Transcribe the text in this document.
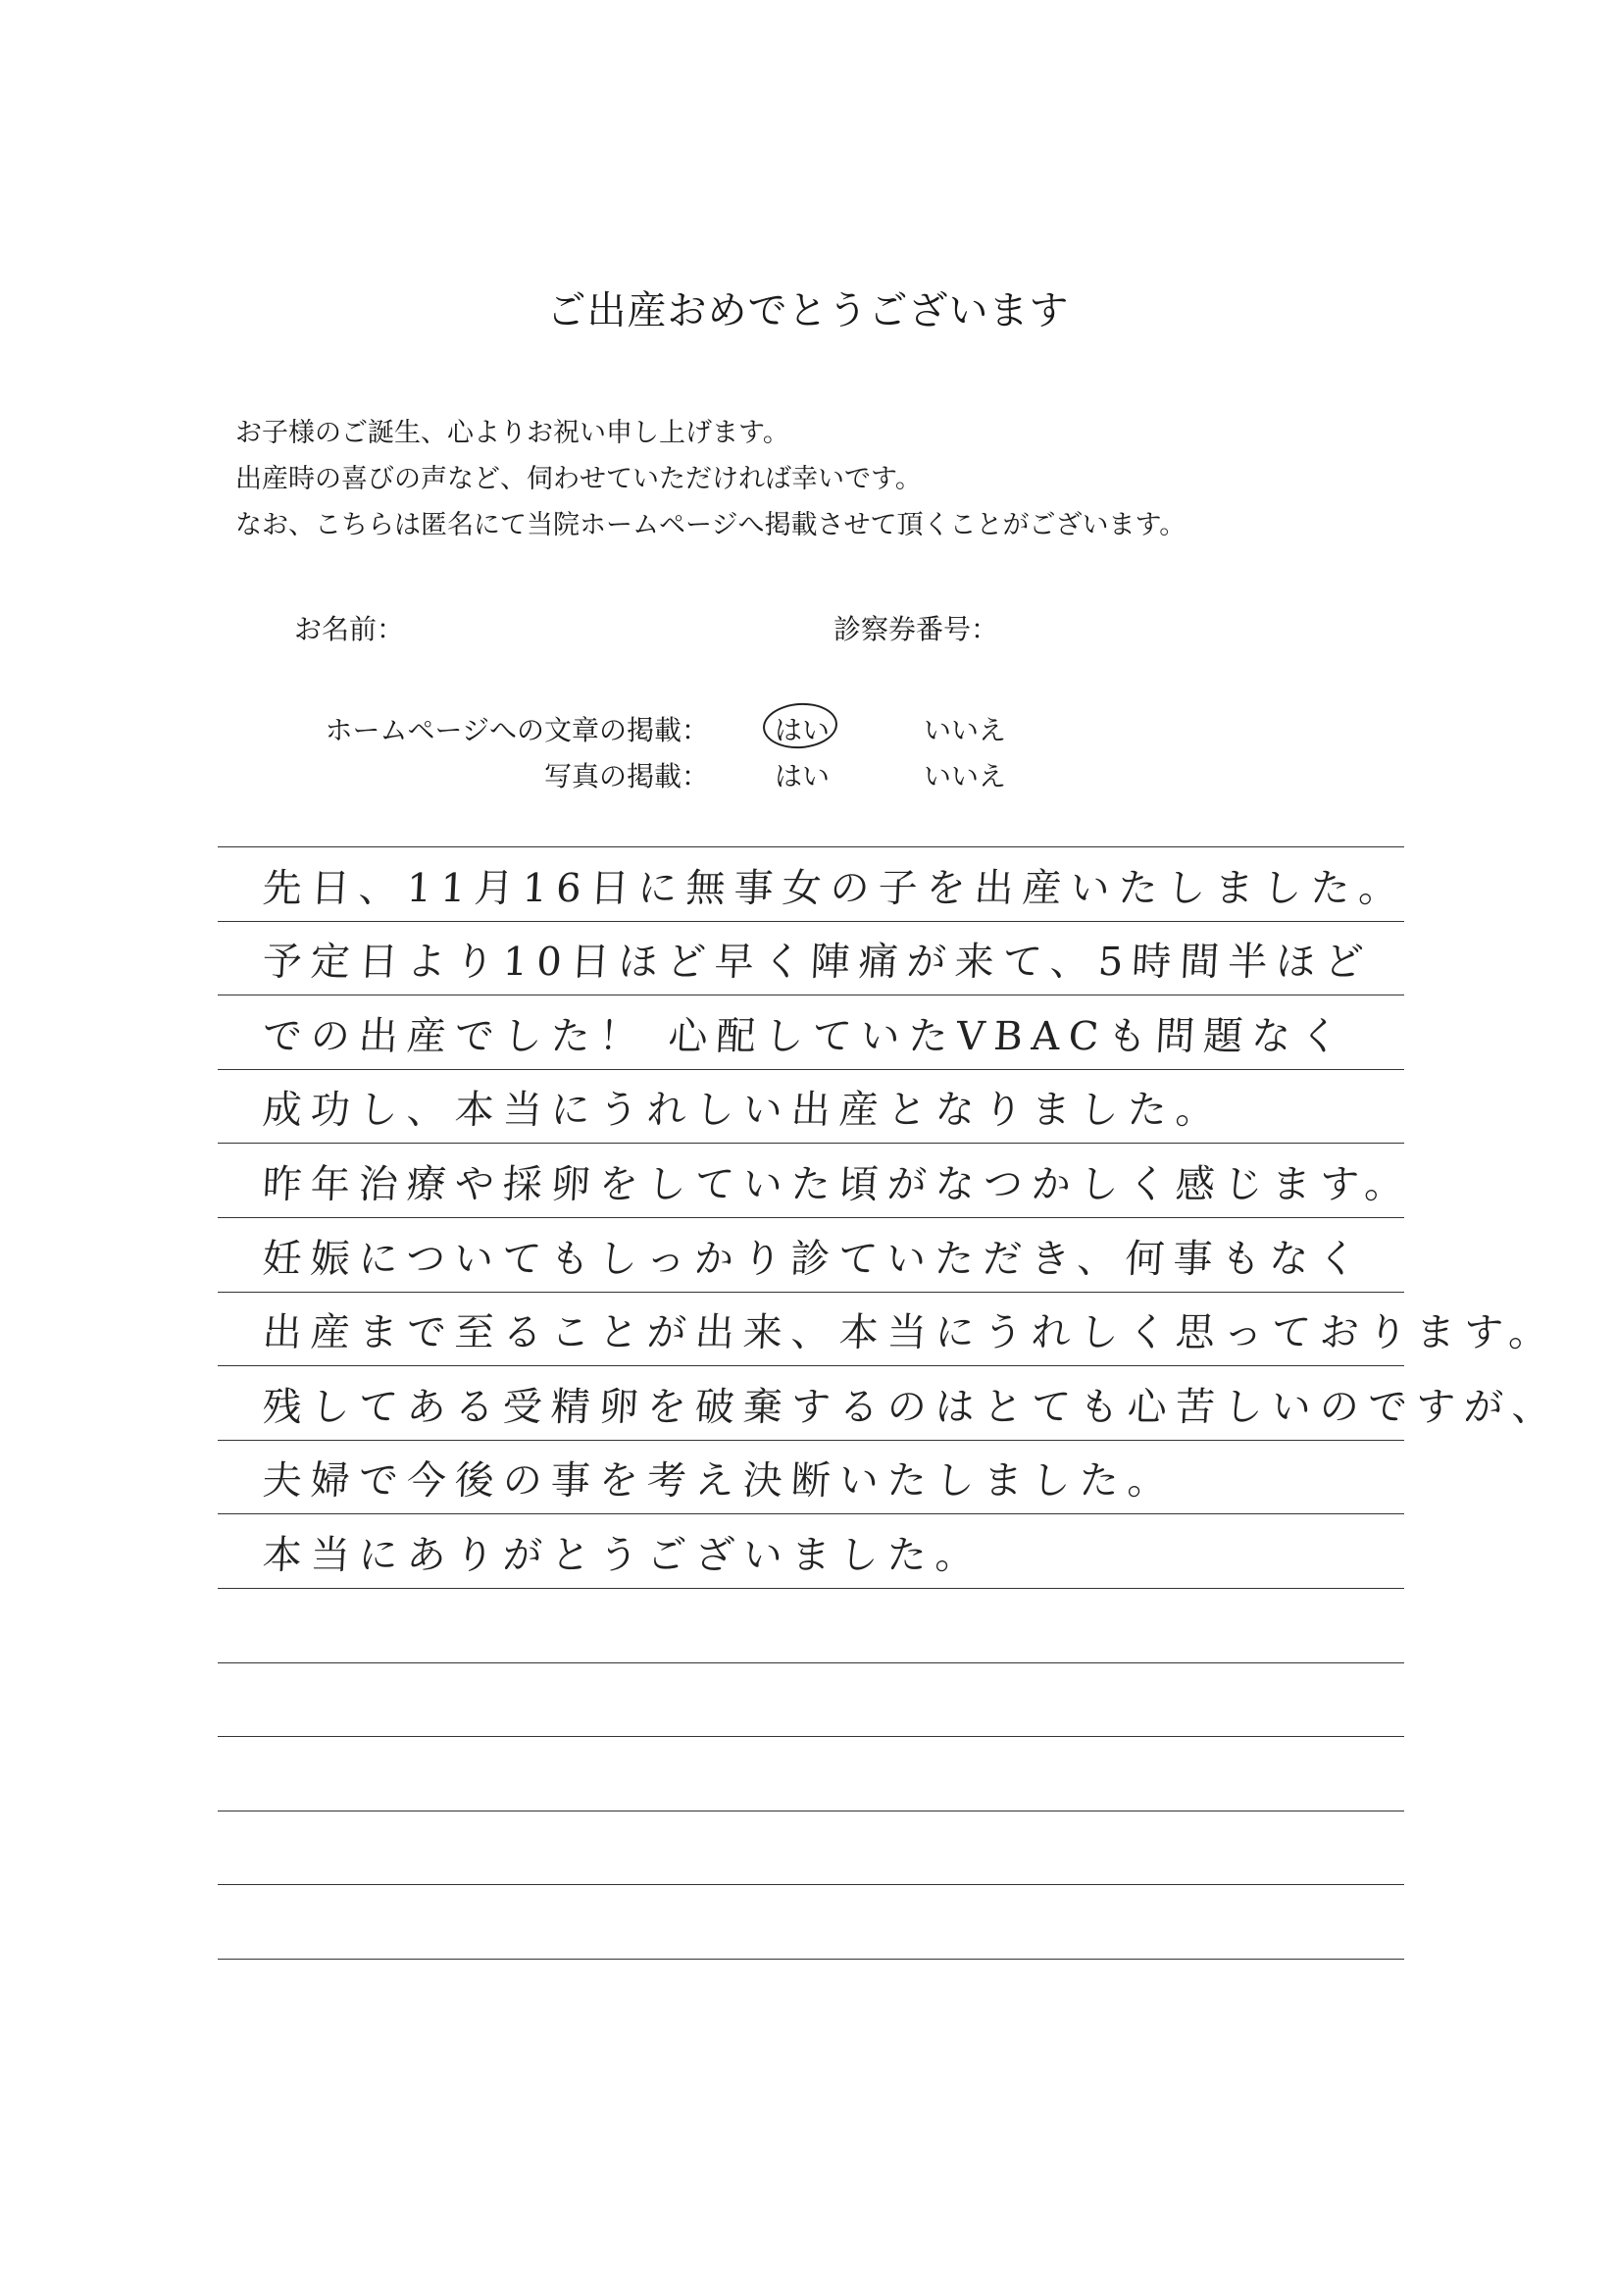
ご出産おめでとうございます
お子様のご誕生、心よりお祝い申し上げます。
出産時の喜びの声など、伺わせていただければ幸いです。
なお、こちらは匿名にて当院ホームページへ掲載させて頂くことがございます。
お名前：	診察券番号：
ホームページへの文章の掲載： はい	いいえ
写真の掲載： はい	いいえ
先日、11月16日に無事女の子を出産いたしました。
予定日より10日ほど早く陣痛が来て、5時間半ほど
での出産でした！ 心配していたVBACも問題なく
成功し、本当にうれしい出産となりました。
昨年治療や採卵をしていた頃がなつかしく感じます。
妊娠についてもしっかり診ていただき、何事もなく
出産まで至ることが出来、本当にうれしく思っております。
残してある受精卵を破棄するのはとても心苦しいのですが、
夫婦で今後の事を考え決断いたしました。
本当にありがとうございました。
